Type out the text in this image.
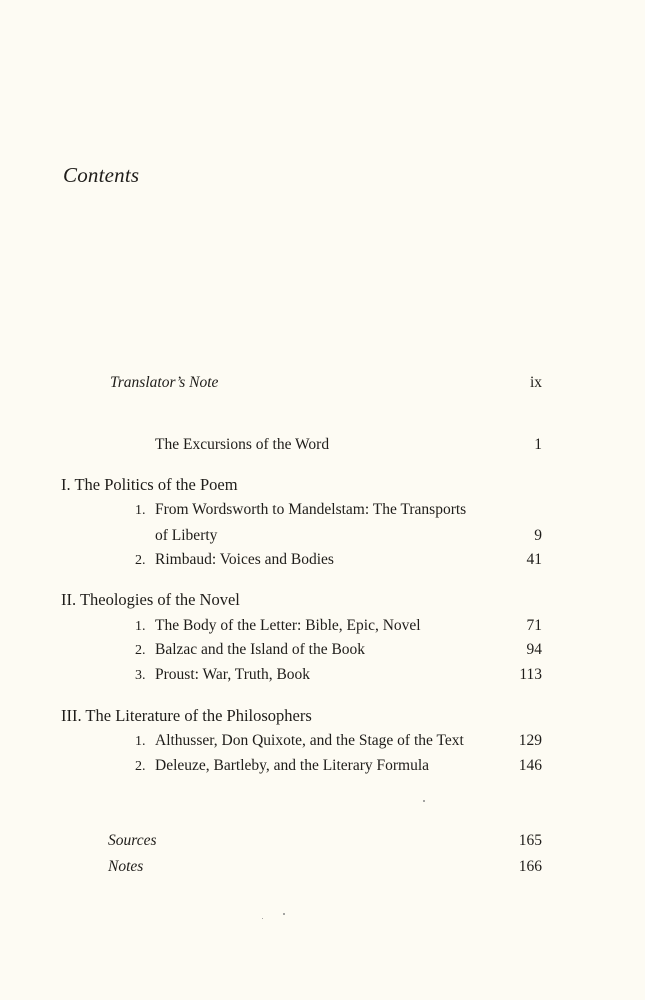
Contents
Translator’s Note	ix
The Excursions of the Word	1
I. The Politics of the Poem
1. From Wordsworth to Mandelstam: The Transports
of Liberty	9
2. Rimbaud: Voices and Bodies	41
II. Theologies of the Novel
1. The Body of the Letter: Bible, Epic, Novel	71
2. Balzac and the Island of the Book	94
3. Proust: War, Truth, Book	113
III. The Literature of the Philosophers
1. Althusser, Don Quixote, and the Stage of the Text	129
2. Deleuze, Bartleby, and the Literary Formula	146
Sources	165
Notes	166
